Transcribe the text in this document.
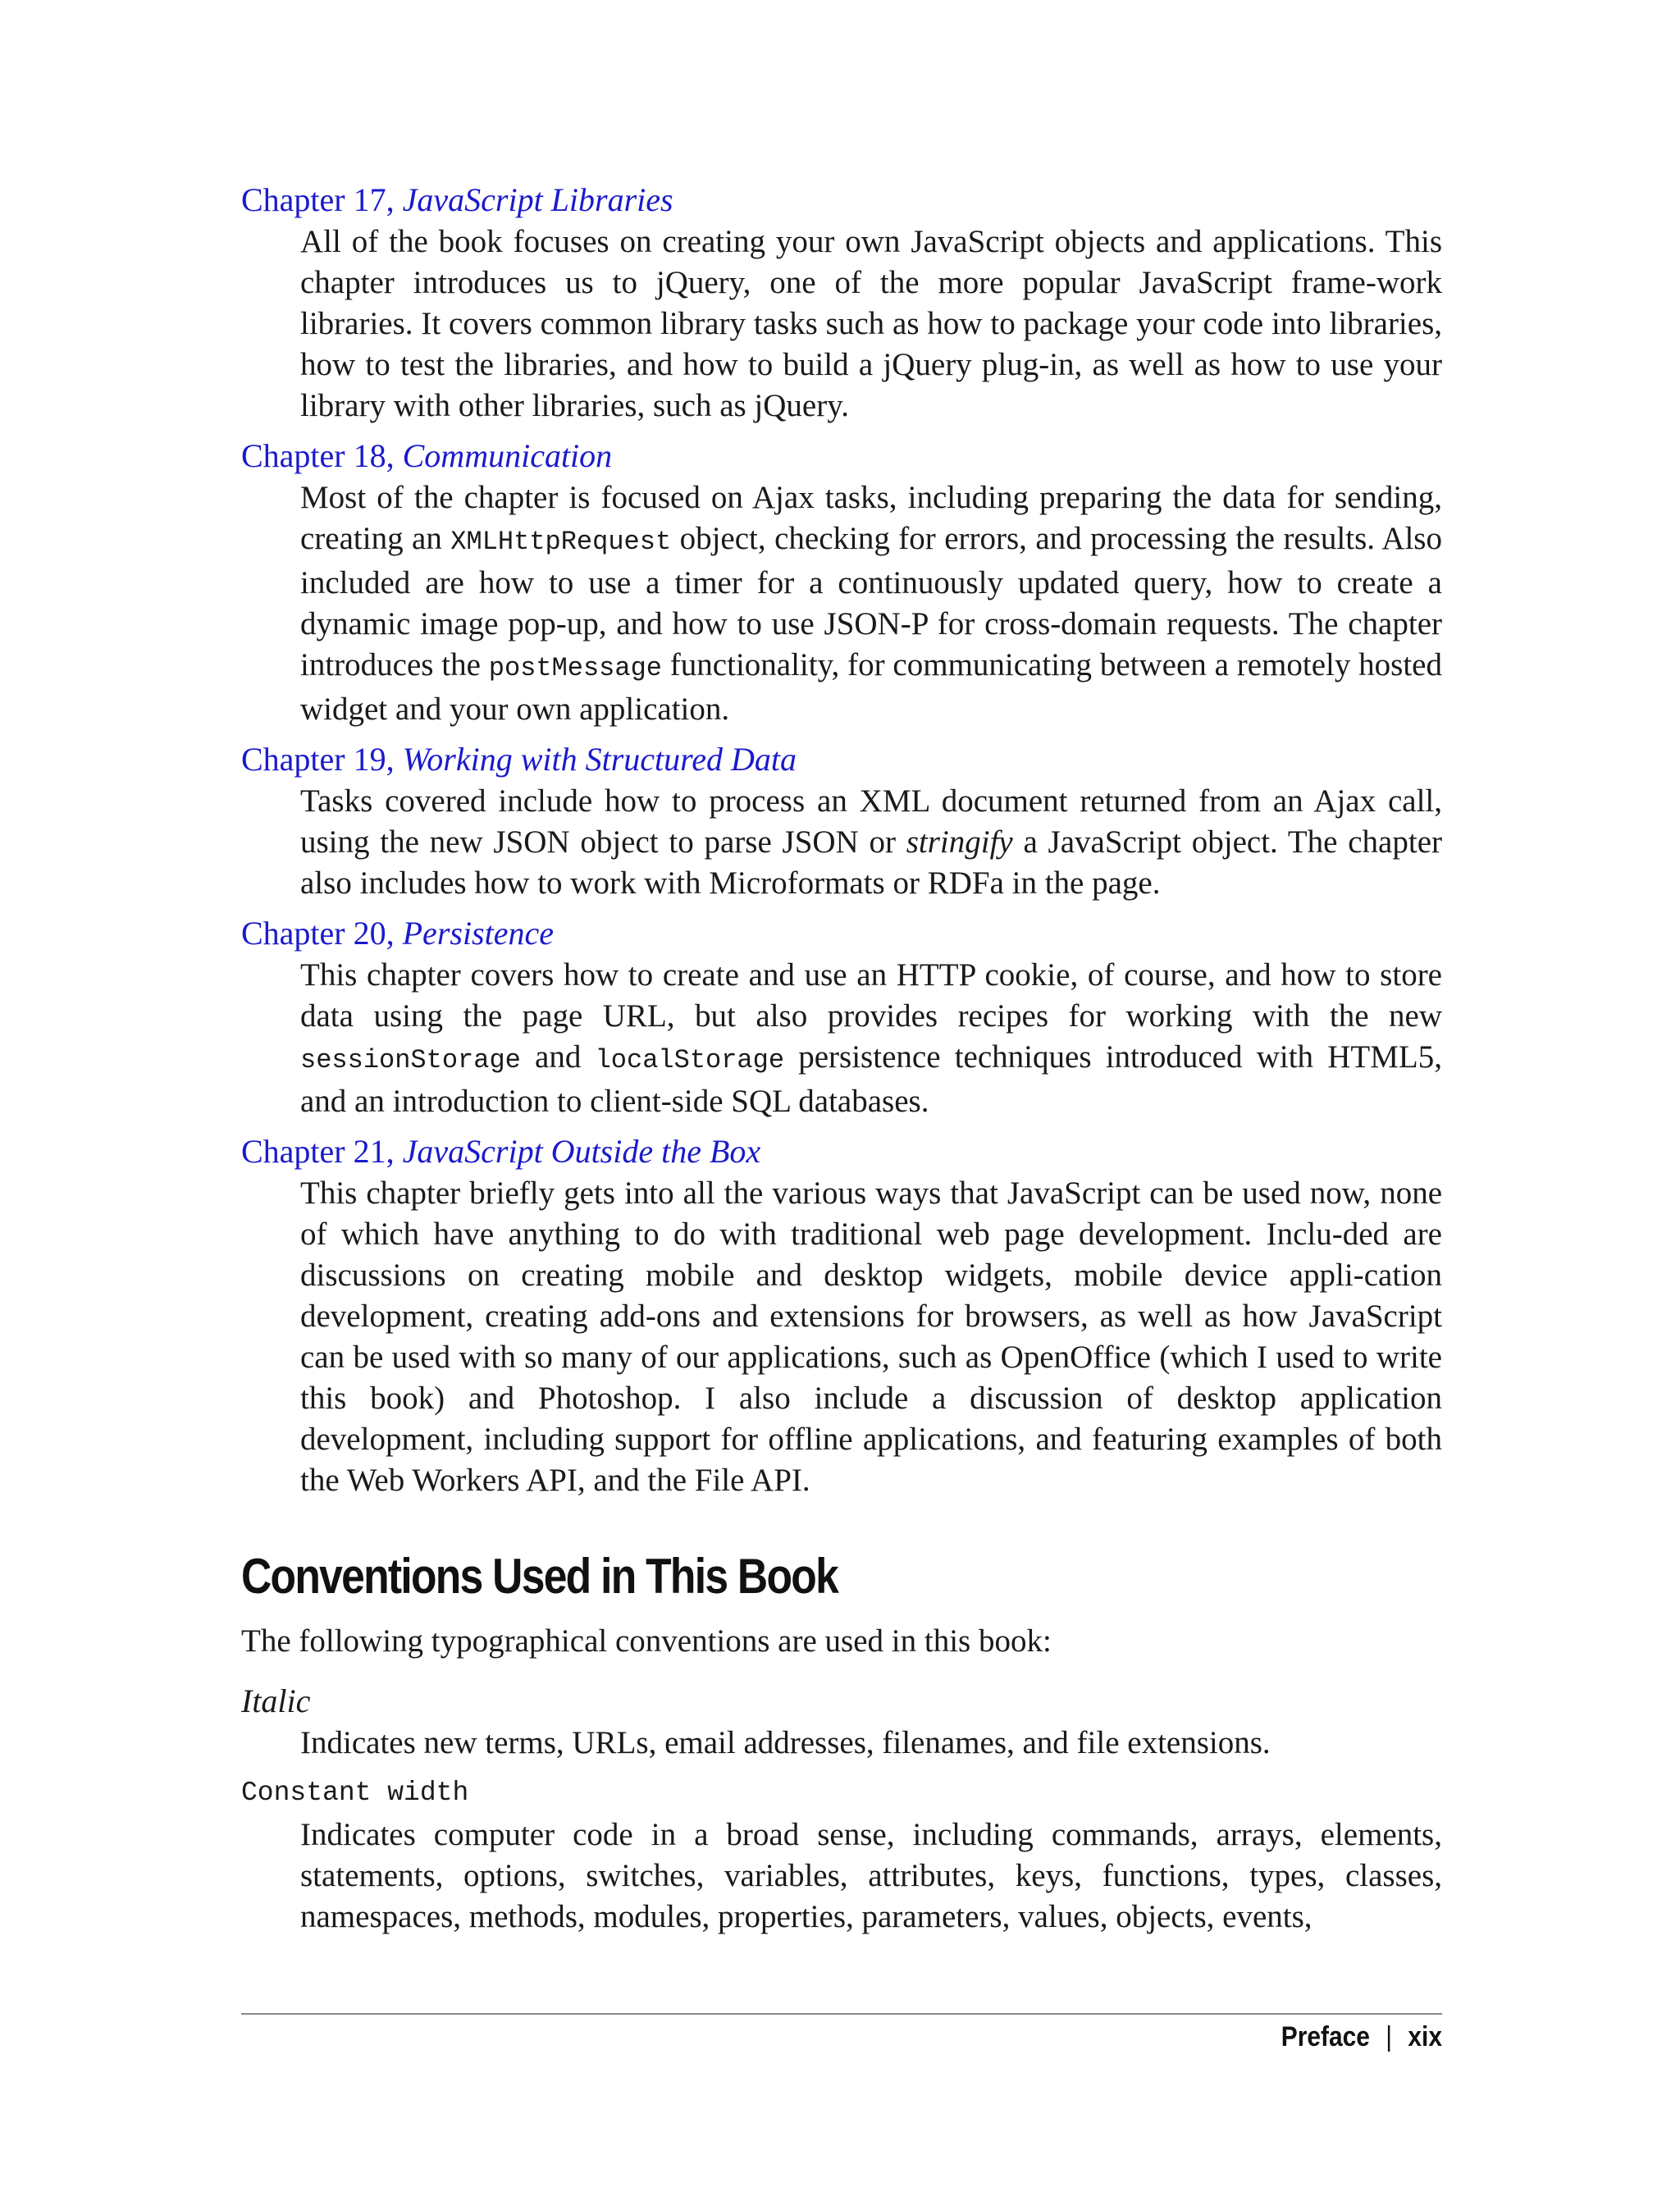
Chapter 17, JavaScript Libraries
All of the book focuses on creating your own JavaScript objects and applications. This chapter introduces us to jQuery, one of the more popular JavaScript frame-work libraries. It covers common library tasks such as how to package your code into libraries, how to test the libraries, and how to build a jQuery plug-in, as well as how to use your library with other libraries, such as jQuery.
Chapter 18, Communication
Most of the chapter is focused on Ajax tasks, including preparing the data for sending, creating an XMLHttpRequest object, checking for errors, and processing the results. Also included are how to use a timer for a continuously updated query, how to create a dynamic image pop-up, and how to use JSON-P for cross-domain requests. The chapter introduces the postMessage functionality, for communicating between a remotely hosted widget and your own application.
Chapter 19, Working with Structured Data
Tasks covered include how to process an XML document returned from an Ajax call, using the new JSON object to parse JSON or stringify a JavaScript object. The chapter also includes how to work with Microformats or RDFa in the page.
Chapter 20, Persistence
This chapter covers how to create and use an HTTP cookie, of course, and how to store data using the page URL, but also provides recipes for working with the new sessionStorage and localStorage persistence techniques introduced with HTML5, and an introduction to client-side SQL databases.
Chapter 21, JavaScript Outside the Box
This chapter briefly gets into all the various ways that JavaScript can be used now, none of which have anything to do with traditional web page development. Inclu-ded are discussions on creating mobile and desktop widgets, mobile device appli-cation development, creating add-ons and extensions for browsers, as well as how JavaScript can be used with so many of our applications, such as OpenOffice (which I used to write this book) and Photoshop. I also include a discussion of desktop application development, including support for offline applications, and featuring examples of both the Web Workers API, and the File API.
Conventions Used in This Book
The following typographical conventions are used in this book:
Italic
Indicates new terms, URLs, email addresses, filenames, and file extensions.
Constant width
Indicates computer code in a broad sense, including commands, arrays, elements, statements, options, switches, variables, attributes, keys, functions, types, classes, namespaces, methods, modules, properties, parameters, values, objects, events,
Preface | xix
